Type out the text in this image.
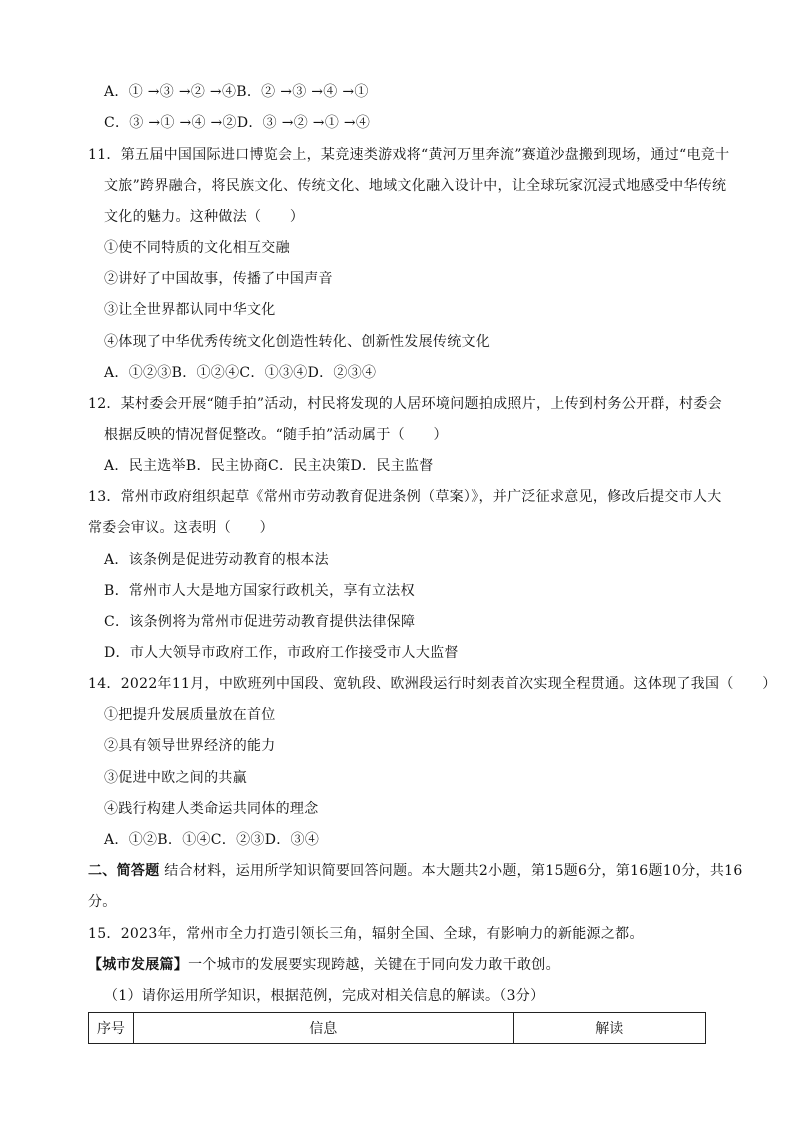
A．① →③ →② →④B．② →③ →④ →①
C．③ →① →④ →②D．③ →② →① →④
11．第五届中国国际进口博览会上，某竞速类游戏将“黄河万里奔流”赛道沙盘搬到现场，通过“电竞十
文旅”跨界融合，将民族文化、传统文化、地域文化融入设计中，让全球玩家沉浸式地感受中华传统
文化的魅力。这种做法（　　）
①使不同特质的文化相互交融
②讲好了中国故事，传播了中国声音
③让全世界都认同中华文化
④体现了中华优秀传统文化创造性转化、创新性发展传统文化
A．①②③B．①②④C．①③④D．②③④
12．某村委会开展“随手拍”活动，村民将发现的人居环境问题拍成照片，上传到村务公开群，村委会
根据反映的情况督促整改。“随手拍”活动属于（　　）
A．民主选举B．民主协商C．民主决策D．民主监督
13．常州市政府组织起草《常州市劳动教育促进条例（草案）》，并广泛征求意见，修改后提交市人大
常委会审议。这表明（　　）
A．该条例是促进劳动教育的根本法
B．常州市人大是地方国家行政机关，享有立法权
C．该条例将为常州市促进劳动教育提供法律保障
D．市人大领导市政府工作，市政府工作接受市人大监督
14．2022年11月，中欧班列中国段、宽轨段、欧洲段运行时刻表首次实现全程贯通。这体现了我国（　　）
①把提升发展质量放在首位
②具有领导世界经济的能力
③促进中欧之间的共赢
④践行构建人类命运共同体的理念
A．①②B．①④C．②③D．③④
二、简答题 结合材料，运用所学知识简要回答问题。本大题共2小题，第15题6分，第16题10分，共16
分。
15．2023年，常州市全力打造引领长三角，辐射全国、全球，有影响力的新能源之都。
【城市发展篇】一个城市的发展要实现跨越，关键在于同向发力敢干敢创。
（1）请你运用所学知识，根据范例，完成对相关信息的解读。（3分）
序号	信息	解读
